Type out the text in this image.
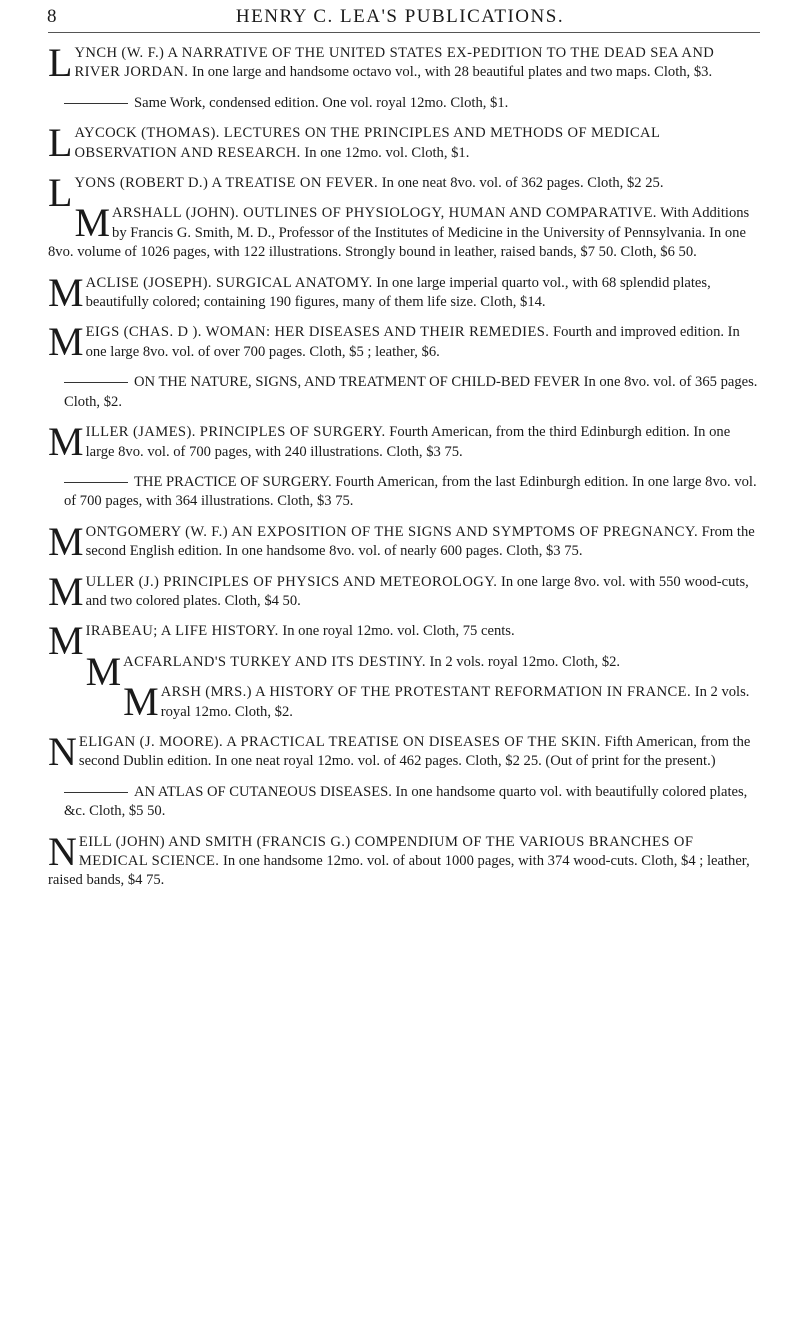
8	HENRY C. LEA'S PUBLICATIONS.
LYNCH (W. F.) A NARRATIVE OF THE UNITED STATES EX-PEDITION TO THE DEAD SEA AND RIVER JORDAN. In one large and handsome octavo vol., with 28 beautiful plates and two maps. Cloth, $3.
Same Work, condensed edition. One vol. royal 12mo. Cloth, $1.
LAYCOCK (THOMAS). LECTURES ON THE PRINCIPLES AND METHODS OF MEDICAL OBSERVATION AND RESEARCH. In one 12mo. vol. Cloth, $1.
LYONS (ROBERT D.) A TREATISE ON FEVER. In one neat 8vo. vol. of 362 pages. Cloth, $2 25.
MARSHALL (JOHN). OUTLINES OF PHYSIOLOGY, HUMAN AND COMPARATIVE. With Additions by Francis G. Smith, M. D., Professor of the Institutes of Medicine in the University of Pennsylvania. In one 8vo. volume of 1026 pages, with 122 illustrations. Strongly bound in leather, raised bands, $7 50. Cloth, $6 50.
MACLISE (JOSEPH). SURGICAL ANATOMY. In one large imperial quarto vol., with 68 splendid plates, beautifully colored; containing 190 figures, many of them life size. Cloth, $14.
MEIGS (CHAS. D ). WOMAN: HER DISEASES AND THEIR REMEDIES. Fourth and improved edition. In one large 8vo. vol. of over 700 pages. Cloth, $5 ; leather, $6.
ON THE NATURE, SIGNS, AND TREATMENT OF CHILD-BED FEVER In one 8vo. vol. of 365 pages. Cloth, $2.
MILLER (JAMES). PRINCIPLES OF SURGERY. Fourth American, from the third Edinburgh edition. In one large 8vo. vol. of 700 pages, with 240 illustrations. Cloth, $3 75.
THE PRACTICE OF SURGERY. Fourth American, from the last Edinburgh edition. In one large 8vo. vol. of 700 pages, with 364 illustrations. Cloth, $3 75.
MONTGOMERY (W. F.) AN EXPOSITION OF THE SIGNS AND SYMPTOMS OF PREGNANCY. From the second English edition. In one handsome 8vo. vol. of nearly 600 pages. Cloth, $3 75.
MULLER (J.) PRINCIPLES OF PHYSICS AND METEOROLOGY. In one large 8vo. vol. with 550 wood-cuts, and two colored plates. Cloth, $4 50.
MIRABEAU; A LIFE HISTORY. In one royal 12mo. vol. Cloth, 75 cents.
MACFARLAND'S TURKEY AND ITS DESTINY. In 2 vols. royal 12mo. Cloth, $2.
MARSH (MRS.) A HISTORY OF THE PROTESTANT REFORMATION IN FRANCE. In 2 vols. royal 12mo. Cloth, $2.
NELIGAN (J. MOORE). A PRACTICAL TREATISE ON DISEASES OF THE SKIN. Fifth American, from the second Dublin edition. In one neat royal 12mo. vol. of 462 pages. Cloth, $2 25. (Out of print for the present.)
AN ATLAS OF CUTANEOUS DISEASES. In one handsome quarto vol. with beautifully colored plates, &c. Cloth, $5 50.
NEILL (JOHN) AND SMITH (FRANCIS G.) COMPENDIUM OF THE VARIOUS BRANCHES OF MEDICAL SCIENCE. In one handsome 12mo. vol. of about 1000 pages, with 374 wood-cuts. Cloth, $4 ; leather, raised bands, $4 75.
